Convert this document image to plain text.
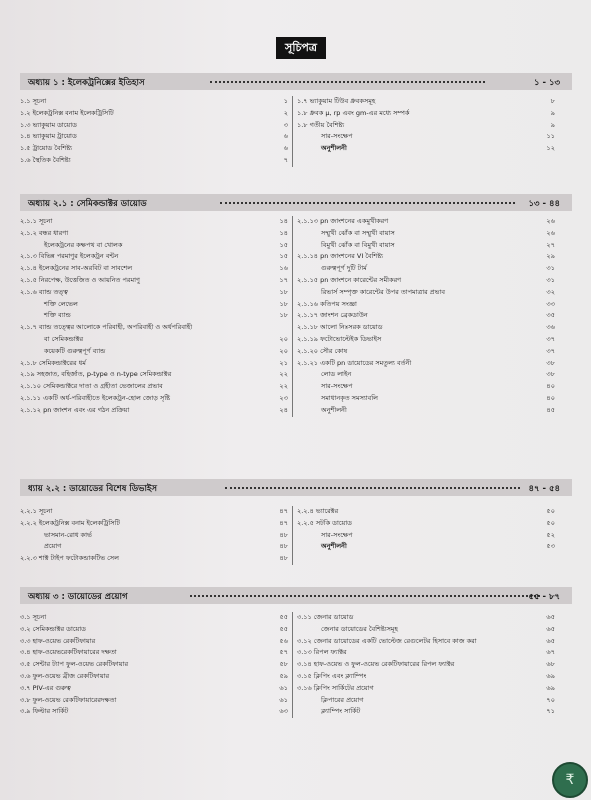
সূচিপত্র
অধ্যায় ১ : ইলেকট্রনিক্সের ইতিহাস	১ - ১৩
১.১ সূচনা	১
১.২ ইলেকট্রনিক্স বনাম ইলেকট্রিসিটি	২
১.৩ ভ্যাকুয়াম ডায়োড	৩
১.৪ ভ্যাকুয়াম ট্রায়োড	৬
১.৫ ট্রায়োড বৈশিষ্ট্য	৬
১.৬ স্থৈতিক বৈশিষ্ট্য	৭
১.৭ ভ্যাকুয়াম টিউব ধ্রুবকসমূহ	৮
১.৮ ধ্রুবক μ, rp এবং gm-এর মধ্যে সম্পর্ক	৯
১.৮ গতীয় বৈশিষ্ট্য	৯
সার-সংক্ষেপ	১১
অনুশীলনী	১২
অধ্যায় ২.১ : সেমিকন্ডাক্টর ডায়োড	১৩ - ৪৪
২.১.১ সূচনা	১৪
২.১.২ বন্ধর ধারণা	১৪
ইলেকট্রনের কক্ষপথ বা খোলক	১৫
২.১.৩ বিভিন্ন পরমাণুর ইলেকট্রন বন্টন	১৫
২.১.৪ ইলেকট্রনের সাব-অরবিট বা সাবশেল	১৬
২.১.৫ নিরপেক্ষ, উত্তেজিত ও আয়নিত পরমাণু	১৭
২.১.৬ ব্যান্ড তত্ত্ব	১৮
শক্তি লেভেল	১৮
শক্তি ব্যান্ড	১৮
২.১.৭ ব্যান্ড তত্ত্বের আলোকে পরিবাহী, অপরিবাহী ও অর্ধপরিবাহী
বা সেমিকন্ডাক্টর	২০
কয়েকটি গুরুত্বপূর্ণ ব্যান্ড	২০
২.১.৮ সেমিকন্ডাক্টরের ধর্ম	২১
২.১৯ সহজাত, বহির্জাত, p-type ও n-type সেমিকন্ডাক্টর	২২
২.১.১০ সেমিকন্ডাক্টরে দাতা ও গ্রহীতা ভেজালের প্রভাব	২২
২.১.১১ একটি অর্ধ-পরিবাহীতে ইলেকট্রন-হোল জোড় সৃষ্টি	২৩
২.১.১২ pn জাংশন এবং এর গঠন প্রক্রিয়া	২৪
২.১.১৩ pn জাংশনের একমুখীকরণ	২৬
সম্মুখী ঝোঁক বা সম্মুখী বায়াস	২৬
বিমুখী ঝোঁক বা বিমুখী বায়াস	২৭
২.১.১৪ pn জাংশনের VI বৈশিষ্ট্য	২৯
গুরুত্বপূর্ণ দুটি টার্ম	৩১
২.১.১৫ pn জাংশনে কারেন্টের সমীকরণ	৩১
রিভার্স সম্পৃক্ত কারেন্টের উপর তাপমাত্রার প্রভাব	৩২
২.১.১৬ কতিপয় সংজ্ঞা	৩৩
২.১.১৭ জাংশন ব্রেকডাউন	৩৫
২.১.১৮ আলো নিঃসরক ডায়োড	৩৬
২.১.১৯ ফটোভোল্টেইক ডিভাইস	৩৭
২.১.২০ সৌর কোষ	৩৭
২.১.২১ একটি pn ডায়োডের সমতুল্য বর্তনী	৩৮
লোড লাইন	৩৮
সার-সংক্ষেপ	৪০
সমাধানকৃত সমস্যাবলি	৪০
অনুশীলনী	৪৫
ধ্যায় ২.২ : ডায়োডের বিশেষ ডিভাইস	৪৭ - ৫৪
২.২.১ সূচনা	৪৭
২.২.২ ইলেকট্রনিক্স বনাম ইলেকট্রিসিটি	৪৭
ভাসমান-রোধ কার্ভ	৪৮
প্রয়োগ	৪৮
২.২.৩ শাক্ট টাইপ ফটোকন্ডাকটিভ সেল	৪৮
২.২.৪ ভ্যারেক্টর	৫০
২.২.৫ সটকি ডায়োড	৫০
সার-সংক্ষেপ	৫২
অনুশীলনী	৫৩
অধ্যায় ৩ : ডায়োডের প্রয়োগ	৫৫ - ৮৭
৩.১ সূচনা	৫৫
৩.২ সেমিকন্ডাক্টর ডায়োড	৫৫
৩.৩ হাফ-ওয়েভ রেকটিফায়ার	৫৬
৩.৪ হাফ-ওয়েভরেকটিফায়ারের দক্ষতা	৫৭
৩.৫ সেন্টার ট্যাপ ফুল-ওয়েভ রেকটিফায়ার	৫৮
৩.৬ ফুল-ওয়েভ ব্রীজ রেকটিফায়ার	৫৯
৩.৭ PIV-এর গুরুত্ব	৬১
৩.৮ ফুল-ওয়েভ রেকটিফায়ারেরদক্ষতা	৬১
৩.৯ ফিল্টার সার্কিট	৬৩
৩.১১ জেনার ডায়োড	৬৫
জেনার ডায়োডের বৈশিষ্ট্যসমূহ	৬৫
৩.১২ জেনার ডায়োডের একটি ভোল্টেজ রেগুলেটর হিসাবে কাজ করা	৬৫
৩.১৩ রিপল ফ্যাক্টর	৬৭
৩.১৪ হাফ-ওয়েভ ও ফুল-ওয়েভ রেকটিফায়ারের রিপল ফ্যাক্টর	৬৮
৩.১৫ ক্লিপিং এবং ক্ল্যাম্পিং	৬৯
৩.১৬ ক্লিপিং সার্কিটের প্রয়োগ	৬৯
ক্লিপারের প্রয়োগ	৭০
ক্ল্যাম্পিং সার্কিট	৭১
₹
